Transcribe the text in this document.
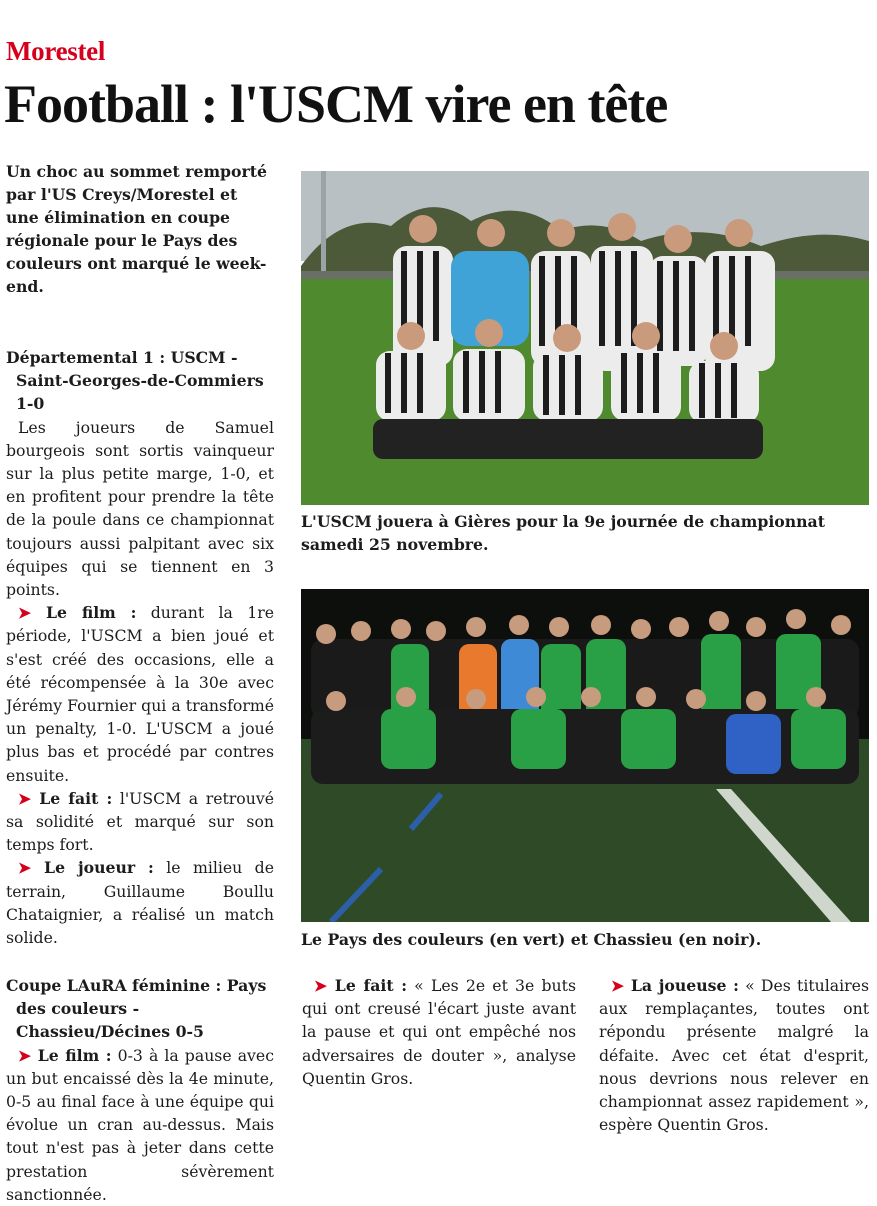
Morestel
Football : l'USCM vire en tête

Un choc au sommet remporté par l'US Creys/Morestel et une élimination en coupe régionale pour le Pays des couleurs ont marqué le week-end.

Départemental 1 : USCM - Saint-Georges-de-Commiers 1-0

Les joueurs de Samuel bourgeois sont sortis vainqueur sur la plus petite marge, 1-0, et en profitent pour prendre la tête de la poule dans ce championnat toujours aussi palpitant avec six équipes qui se tiennent en 3 points.

➤ Le film : durant la 1re période, l'USCM a bien joué et s'est créé des occasions, elle a été récompensée à la 30e avec Jérémy Fournier qui a transformé un penalty, 1-0. L'USCM a joué plus bas et procédé par contres ensuite.

➤ Le fait : l'USCM a retrouvé sa solidité et marqué sur son temps fort.

➤ Le joueur : le milieu de terrain, Guillaume Boullu Chataignier, a réalisé un match solide.

L'USCM jouera à Gières pour la 9e journée de championnat samedi 25 novembre.

Le Pays des couleurs (en vert) et Chassieu (en noir).

Coupe LAuRA féminine : Pays des couleurs - Chassieu/Décines 0-5

➤ Le film : 0-3 à la pause avec un but encaissé dès la 4e minute, 0-5 au final face à une équipe qui évolue un cran au-dessus. Mais tout n'est pas à jeter dans cette prestation sévèrement sanctionnée.

➤ Le fait : « Les 2e et 3e buts qui ont creusé l'écart juste avant la pause et qui ont empêché nos adversaires de douter », analyse Quentin Gros.

➤ La joueuse : « Des titulaires aux remplaçantes, toutes ont répondu présente malgré la défaite. Avec cet état d'esprit, nous devrions nous relever en championnat assez rapidement », espère Quentin Gros.
